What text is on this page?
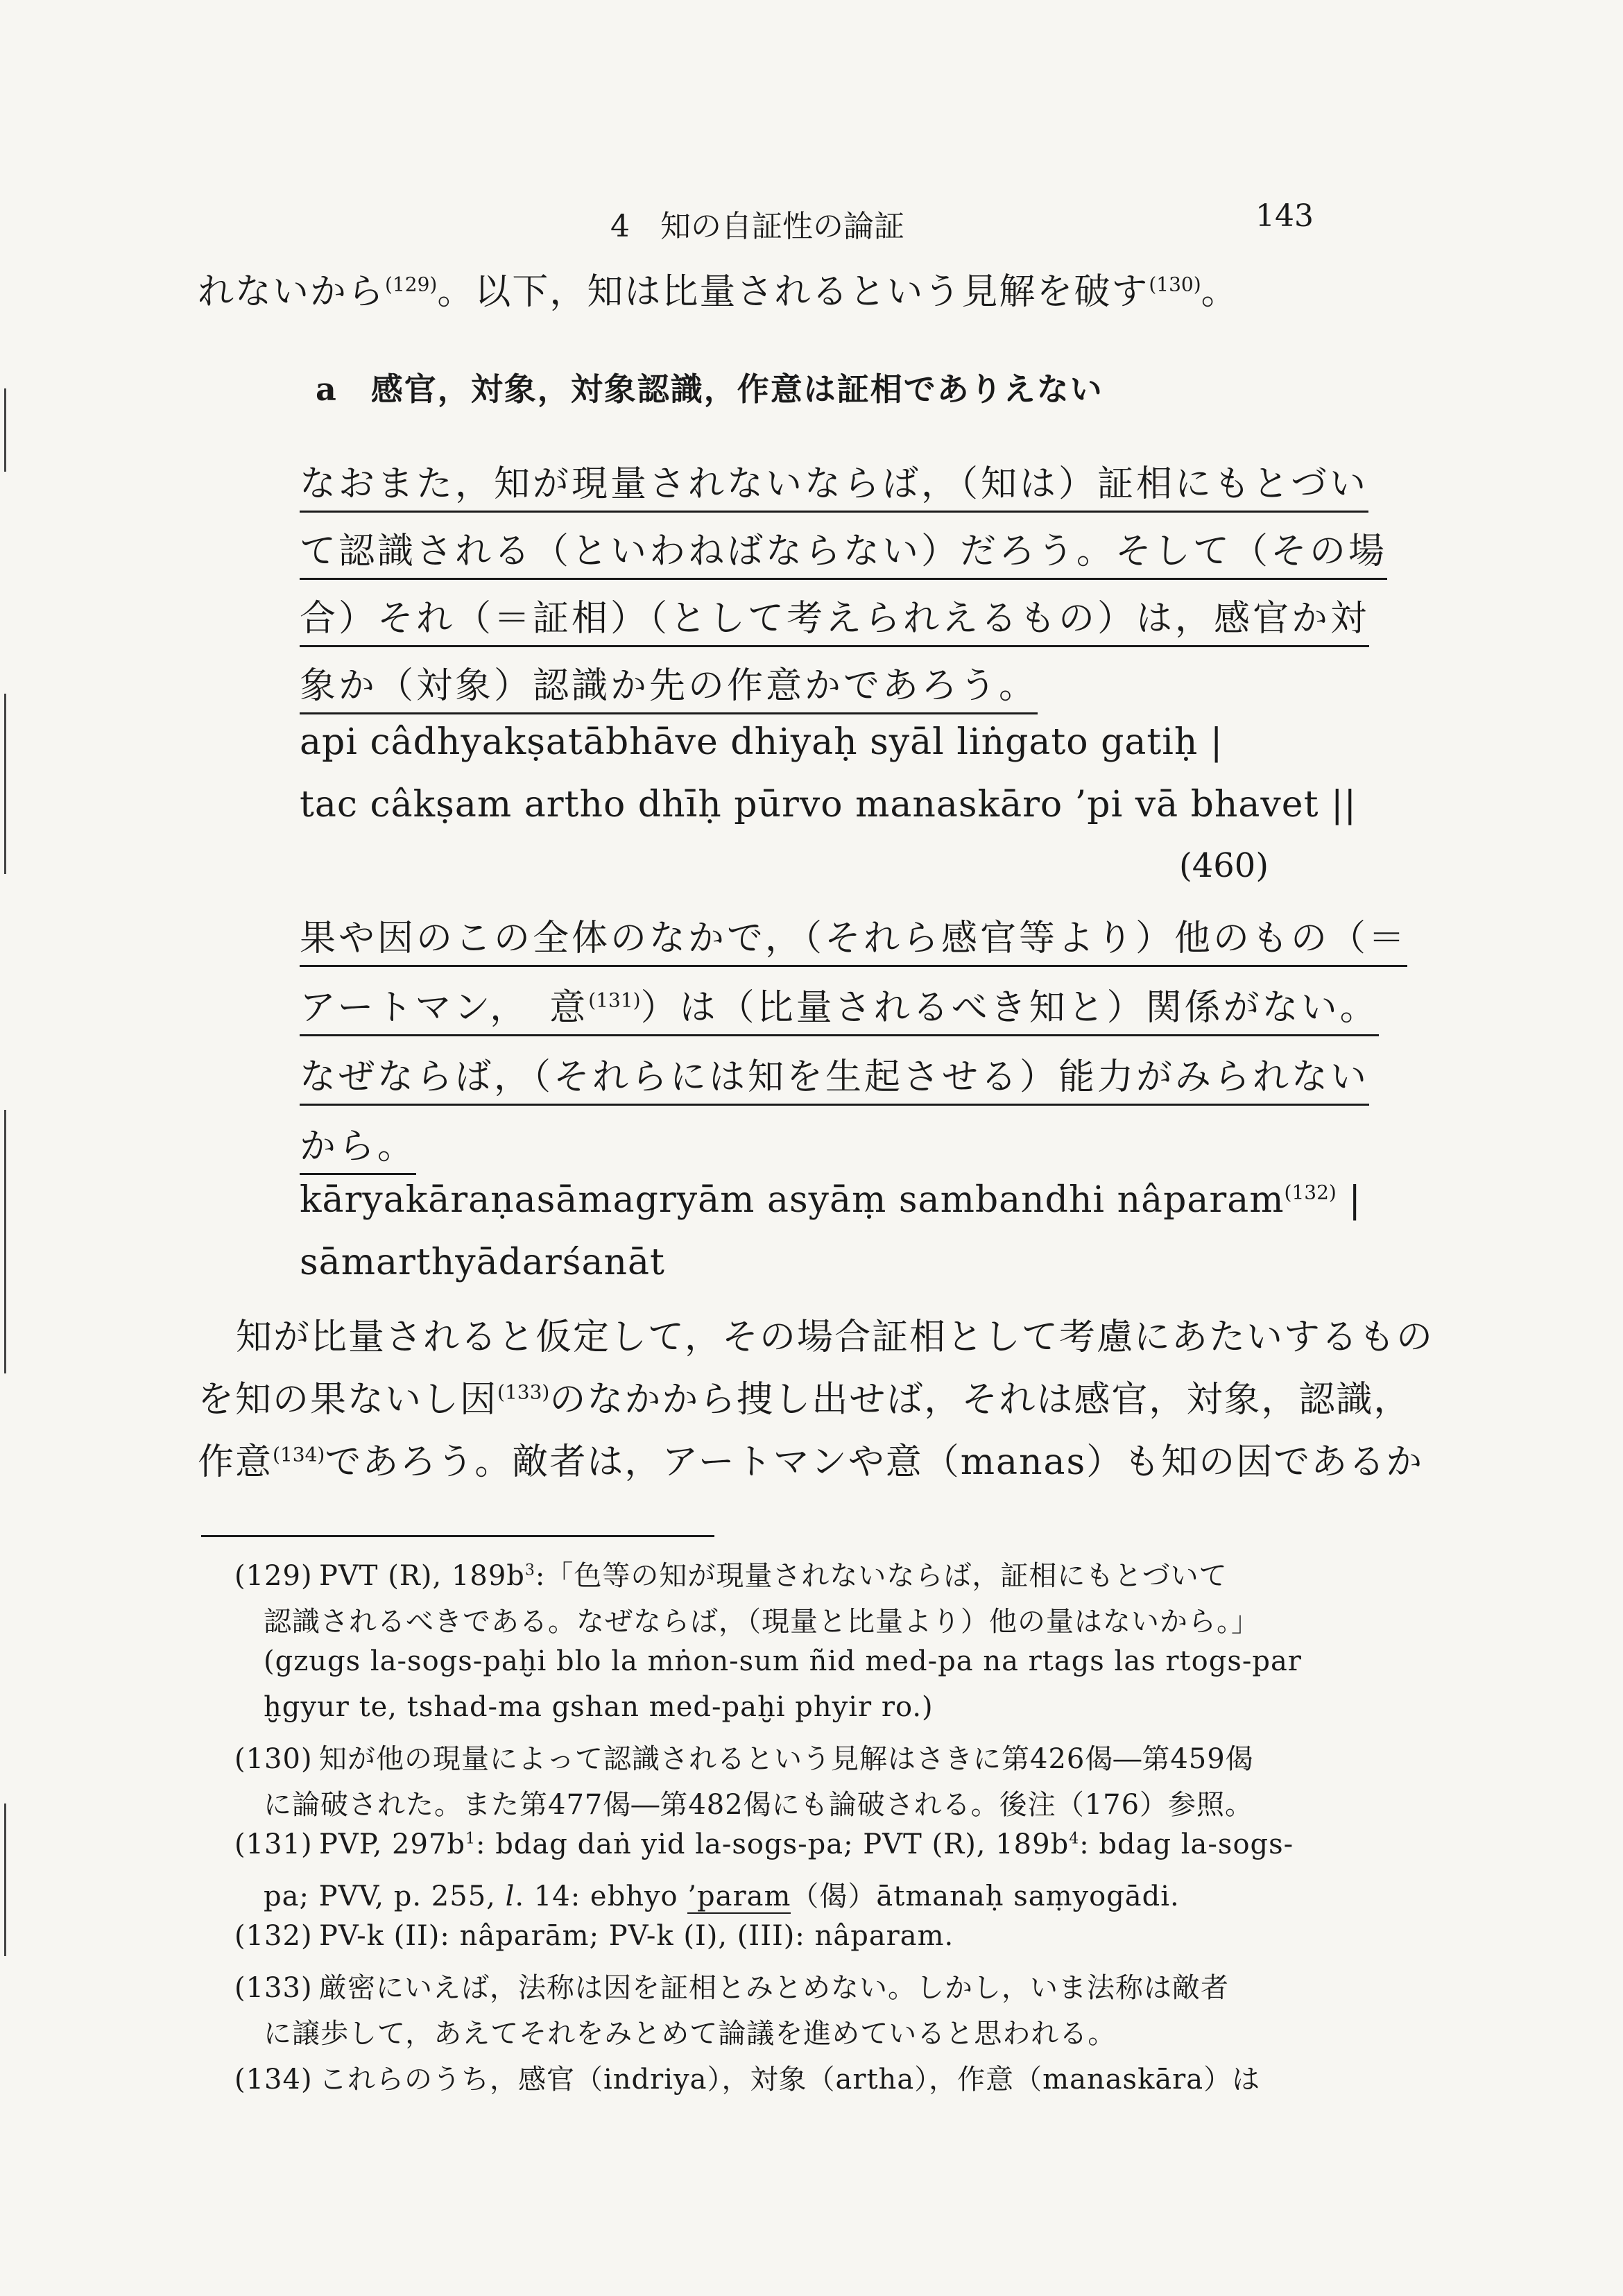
4　知の自証性の論証	143
れないから$^{(129)}$。以下，知は比量されるという見解を破す$^{(130)}$。
a　感官，対象，対象認識，作意は証相でありえない
なおまた，知が現量されないならば，（知は）証相にもとづい
て認識される（といわねばならない）だろう。そして（その場
合）それ（＝証相）（として考えられえるもの）は，感官か対
象か（対象）認識か先の作意かであろう。
api câdhyakṣatābhāve dhiyaḥ syāl liṅgato gatiḥ |
tac câkṣam artho dhīḥ pūrvo manaskāro ’pi vā bhavet ||
(460)
果や因のこの全体のなかで，（それら感官等より）他のもの（＝
アートマン，　意$^{(131)}$）は（比量されるべき知と）関係がない。
なぜならば，（それらには知を生起させる）能力がみられない
から。
kāryakāraṇasāmagryām asyāṃ sambandhi nâparam$^{(132)}$ |
sāmarthyādarśanāt
知が比量されると仮定して，その場合証相として考慮にあたいするもの
を知の果ないし因$^{(133)}$のなかから捜し出せば，それは感官，対象，認識，
作意$^{(134)}$であろう。敵者は，アートマンや意（manas）も知の因であるか
(129) PVT (R), 189b$^3$:「色等の知が現量されないならば，証相にもとづいて
認識されるべきである。なぜならば，（現量と比量より）他の量はないから。」
(gzugs la-sogs-paḫi blo la mṅon-sum ñid med-pa na rtags las rtogs-par
ḫgyur te, tshad-ma gshan med-paḫi phyir ro.)
(130) 知が他の現量によって認識されるという見解はさきに第426偈―第459偈
に論破された。また第477偈―第482偈にも論破される。後注（176）参照。
(131) PVP, 297b$^1$: bdag daṅ yid la-sogs-pa; PVT (R), 189b$^4$: bdag la-sogs-
pa; PVV, p. 255, l. 14: ebhyo ’param（偈）ātmanaḥ saṃyogādi.
(132) PV-k (II): nâparām; PV-k (I), (III): nâparam.
(133) 厳密にいえば，法称は因を証相とみとめない。しかし，いま法称は敵者
に譲歩して，あえてそれをみとめて論議を進めていると思われる。
(134) これらのうち，感官（indriya），対象（artha），作意（manaskāra）は
